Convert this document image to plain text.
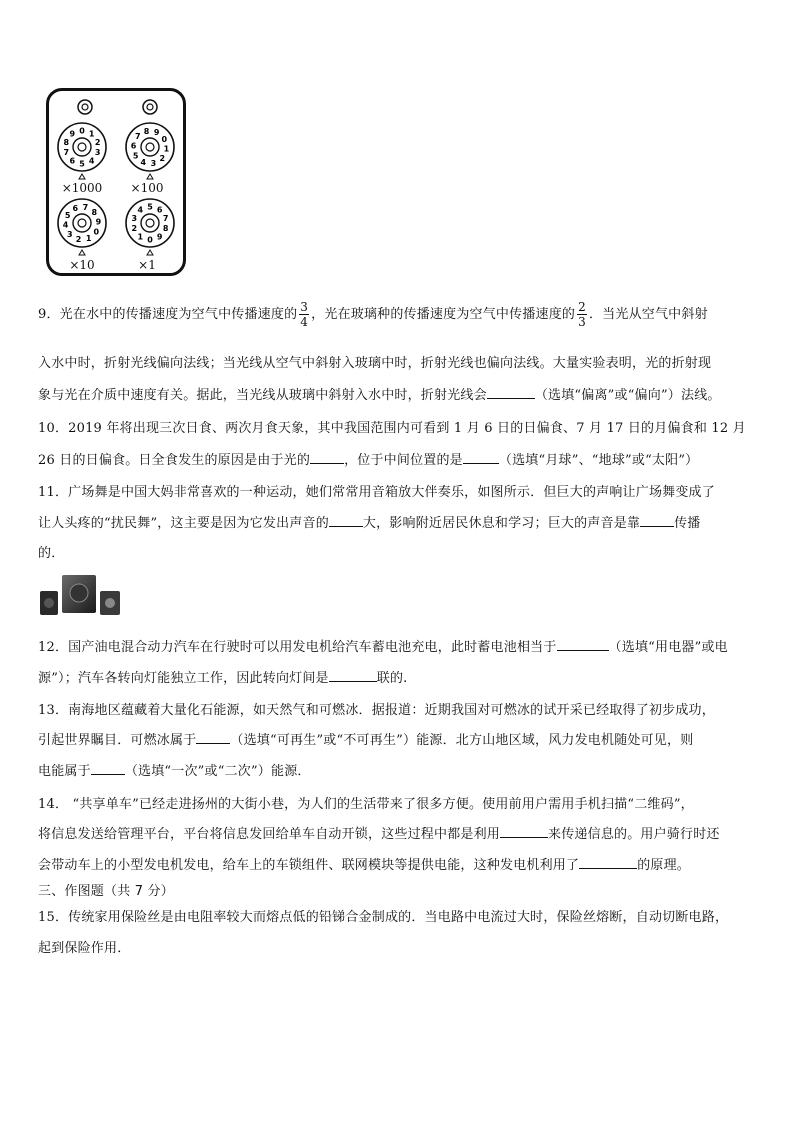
0 1
2
3
4
5
6
7
8
9
0
1
2
3
4
5
6
7
8 9
0
1
2
3
4
5
6 7
8
9
0
1
2
3
4 5 6
7
8
9
×1000	×100
×10	×1
9．光在水中的传播速度为空气中传播速度的 $\frac{3}{4}$ ，光在玻璃种的传播速度为空气中传播速度的 $\frac{2}{3}$ ．当光从空气中斜射
入水中时，折射光线偏向法线；当光线从空气中斜射入玻璃中时，折射光线也偏向法线。大量实验表明，光的折射现
象与光在介质中速度有关。据此，当光线从玻璃中斜射入水中时，折射光线会	（选填“偏离”或“偏向”）法线。
10．2019 年将出现三次日食、两次月食天象，其中我国范围内可看到 1 月 6 日的日偏食、7 月 17 日的月偏食和 12 月
26 日的日偏食。日全食发生的原因是由于光的	，位于中间位置的是	（选填“月球”、“地球”或“太阳”）
11．广场舞是中国大妈非常喜欢的一种运动，她们常常用音箱放大伴奏乐，如图所示．但巨大的声响让广场舞变成了
让人头疼的“扰民舞”，这主要是因为它发出声音的	大，影响附近居民休息和学习；巨大的声音是靠	传播
的．
12．国产油电混合动力汽车在行驶时可以用发电机给汽车蓄电池充电，此时蓄电池相当于	（选填“用电器”或电
源”）；汽车各转向灯能独立工作，因此转向灯间是	联的.
13．南海地区蕴藏着大量化石能源，如天然气和可燃冰．据报道：近期我国对可燃冰的试开采已经取得了初步成功，
引起世界瞩目．可燃冰属于	（选填“可再生”或“不可再生”）能源．北方山地区域，风力发电机随处可见，则
电能属于	（选填“一次”或“二次”）能源．
14． “共享单车”已经走进扬州的大街小巷，为人们的生活带来了很多方便。使用前用户需用手机扫描“二维码”，
将信息发送给管理平台，平台将信息发回给单车自动开锁，这些过程中都是利用	来传递信息的。用户骑行时还
会带动车上的小型发电机发电，给车上的车锁组件、联网模块等提供电能，这种发电机利用了	的原理。
三、作图题（共 7 分）
15．传统家用保险丝是由电阻率较大而熔点低的铅锑合金制成的．当电路中电流过大时，保险丝熔断，自动切断电路，
起到保险作用．
